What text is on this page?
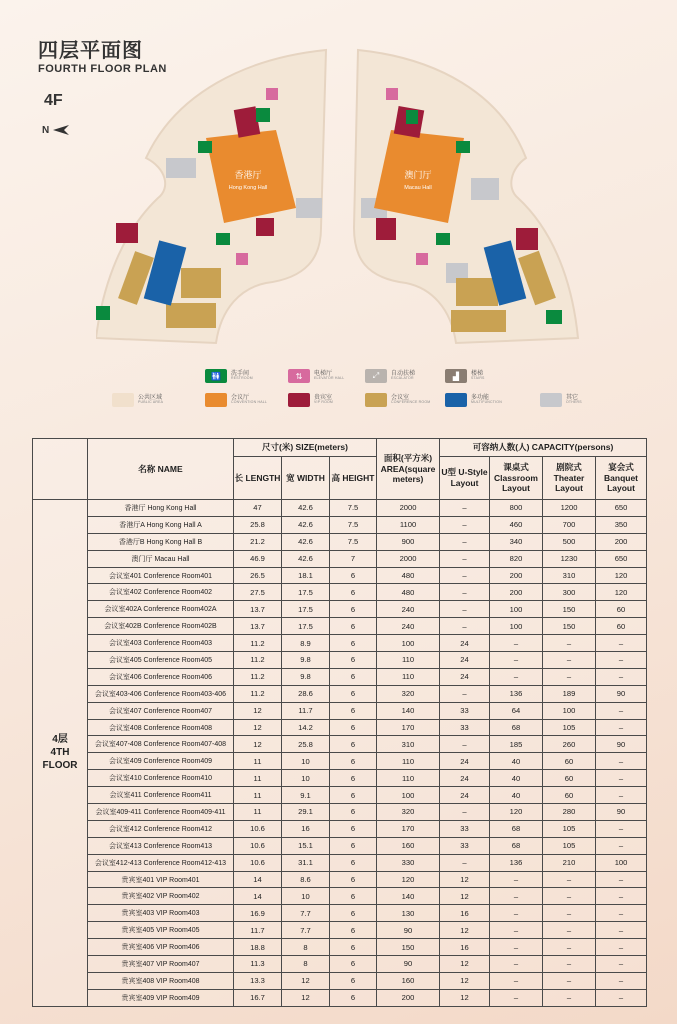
四层平面图
FOURTH FLOOR PLAN
4F
N
香港厅
Hong Kong Hall
澳门厅
Macau Hall
🚻 洗手间
RESTROOM	⇅ 电梯厅
ELEVATOR HALL	⤢ 自动扶梯
ESCALATOR	▟ 楼梯
STAIRS
公共区域
PUBLIC AREA
会议厅
CONVENTION HALL
贵宾室
VIP ROOM
会议室
CONFERENCE ROOM
多功能
MULTIFUNCTION
其它
OTHERS
	名称 NAME	尺寸(米) SIZE(meters)			面积(平方米) AREA(square meters)	可容纳人数(人) CAPACITY(persons)			
		长 LENGTH	宽 WIDTH	高 HEIGHT		U型 U-Style Layout	课桌式 Classroom Layout	剧院式 Theater Layout	宴会式 Banquet Layout
4层
4TH
FLOOR	香港厅 Hong Kong Hall	47	42.6	7.5	2000	–	800	1200	650
	香港厅A Hong Kong Hall A	25.8	42.6	7.5	1100	–	460	700	350
	香港厅B Hong Kong Hall B	21.2	42.6	7.5	900	–	340	500	200
	澳门厅 Macau Hall	46.9	42.6	7	2000	–	820	1230	650
	会议室401 Conference Room401	26.5	18.1	6	480	–	200	310	120
	会议室402 Conference Room402	27.5	17.5	6	480	–	200	300	120
	会议室402A Conference Room402A	13.7	17.5	6	240	–	100	150	60
	会议室402B Conference Room402B	13.7	17.5	6	240	–	100	150	60
	会议室403 Conference Room403	11.2	8.9	6	100	24	–	–	–
	会议室405 Conference Room405	11.2	9.8	6	110	24	–	–	–
	会议室406 Conference Room406	11.2	9.8	6	110	24	–	–	–
	会议室403-406 Conference Room403-406	11.2	28.6	6	320	–	136	189	90
	会议室407 Conference Room407	12	11.7	6	140	33	64	100	–
	会议室408 Conference Room408	12	14.2	6	170	33	68	105	–
	会议室407-408 Conference Room407-408	12	25.8	6	310	–	185	260	90
	会议室409 Conference Room409	11	10	6	110	24	40	60	–
	会议室410 Conference Room410	11	10	6	110	24	40	60	–
	会议室411 Conference Room411	11	9.1	6	100	24	40	60	–
	会议室409-411 Conference Room409-411	11	29.1	6	320	–	120	280	90
	会议室412 Conference Room412	10.6	16	6	170	33	68	105	–
	会议室413 Conference Room413	10.6	15.1	6	160	33	68	105	–
	会议室412-413 Conference Room412-413	10.6	31.1	6	330	–	136	210	100
	贵宾室401 VIP Room401	14	8.6	6	120	12	–	–	–
	贵宾室402 VIP Room402	14	10	6	140	12	–	–	–
	贵宾室403 VIP Room403	16.9	7.7	6	130	16	–	–	–
	贵宾室405 VIP Room405	11.7	7.7	6	90	12	–	–	–
	贵宾室406 VIP Room406	18.8	8	6	150	16	–	–	–
	贵宾室407 VIP Room407	11.3	8	6	90	12	–	–	–
	贵宾室408 VIP Room408	13.3	12	6	160	12	–	–	–
	贵宾室409 VIP Room409	16.7	12	6	200	12	–	–	–
